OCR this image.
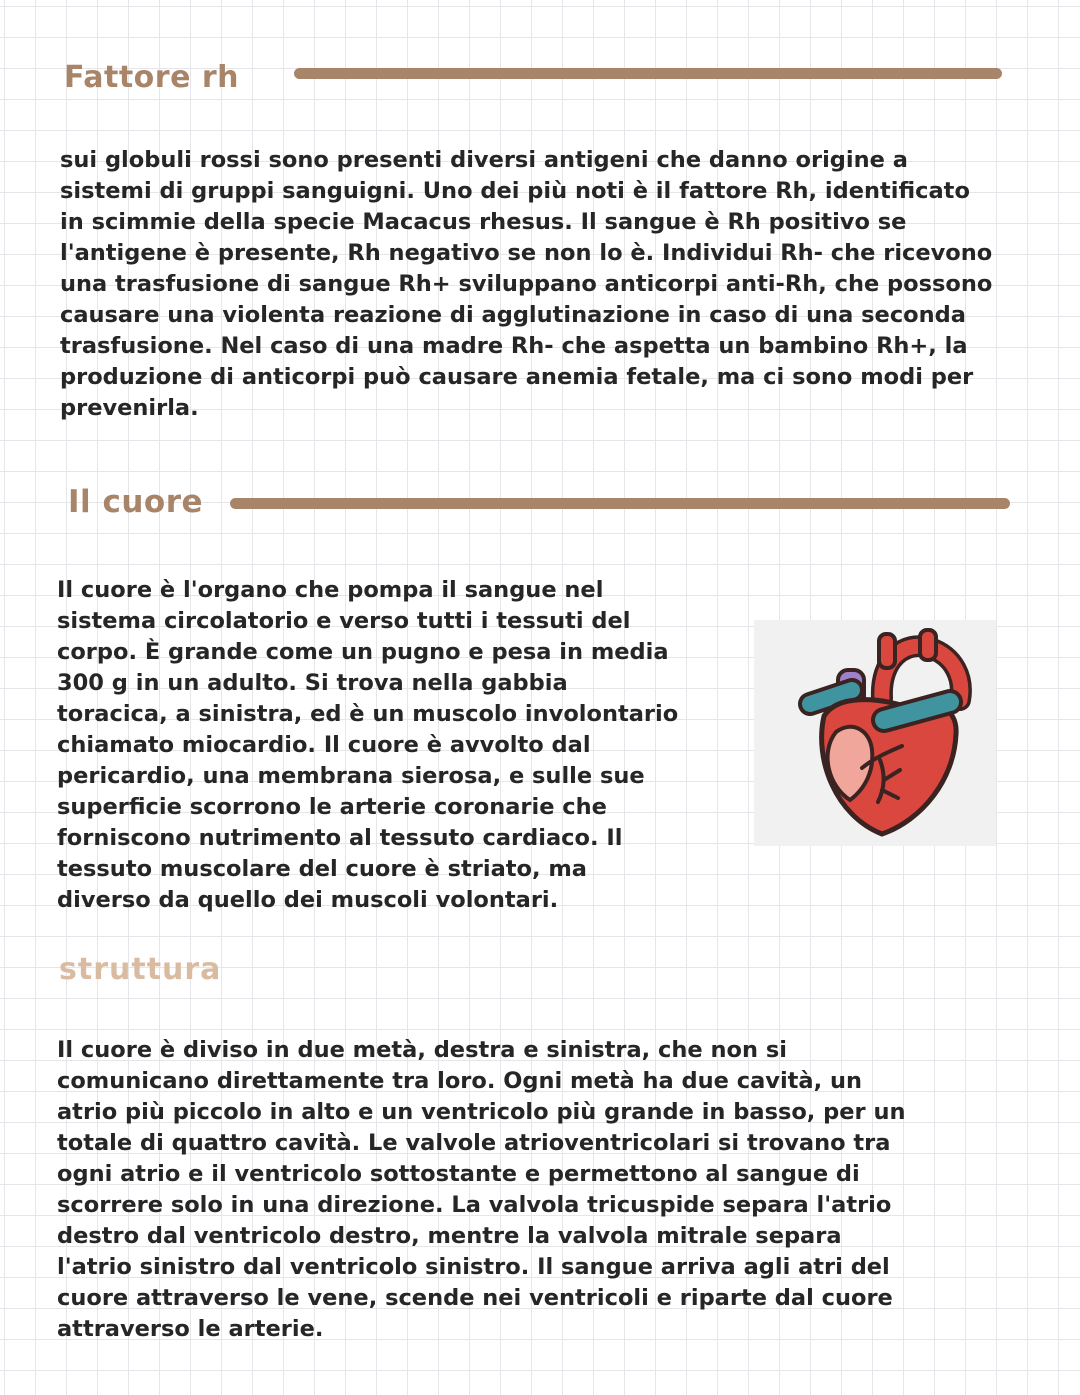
Fattore rh

sui globuli rossi sono presenti diversi antigeni che danno origine a sistemi di gruppi sanguigni. Uno dei più noti è il fattore Rh, identificato in scimmie della specie Macacus rhesus. Il sangue è Rh positivo se l'antigene è presente, Rh negativo se non lo è. Individui Rh- che ricevono una trasfusione di sangue Rh+ sviluppano anticorpi anti-Rh, che possono causare una violenta reazione di agglutinazione in caso di una seconda trasfusione. Nel caso di una madre Rh- che aspetta un bambino Rh+, la produzione di anticorpi può causare anemia fetale, ma ci sono modi per prevenirla.

Il cuore

Il cuore è l'organo che pompa il sangue nel sistema circolatorio e verso tutti i tessuti del corpo. È grande come un pugno e pesa in media 300 g in un adulto. Si trova nella gabbia toracica, a sinistra, ed è un muscolo involontario chiamato miocardio. Il cuore è avvolto dal pericardio, una membrana sierosa, e sulle sue superficie scorrono le arterie coronarie che forniscono nutrimento al tessuto cardiaco. Il tessuto muscolare del cuore è striato, ma diverso da quello dei muscoli volontari.

struttura

Il cuore è diviso in due metà, destra e sinistra, che non si comunicano direttamente tra loro. Ogni metà ha due cavità, un atrio più piccolo in alto e un ventricolo più grande in basso, per un totale di quattro cavità. Le valvole atrioventricolari si trovano tra ogni atrio e il ventricolo sottostante e permettono al sangue di scorrere solo in una direzione. La valvola tricuspide separa l'atrio destro dal ventricolo destro, mentre la valvola mitrale separa l'atrio sinistro dal ventricolo sinistro. Il sangue arriva agli atri del cuore attraverso le vene, scende nei ventricoli e riparte dal cuore attraverso le arterie.
